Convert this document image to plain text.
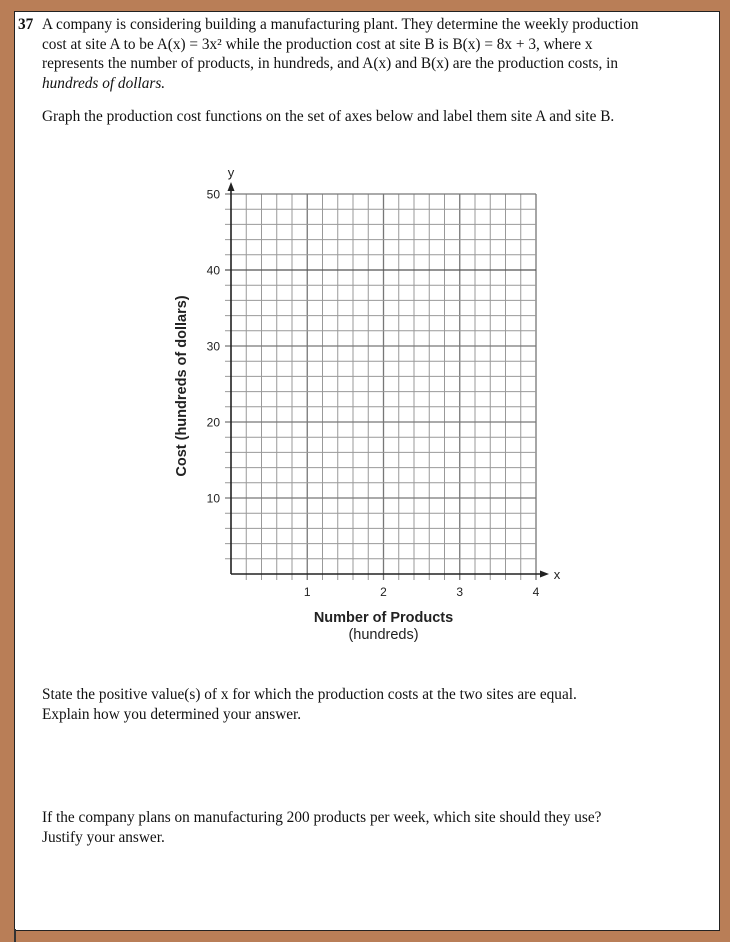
37 A company is considering building a manufacturing plant. They determine the weekly production
cost at site A to be A(x) = 3x² while the production cost at site B is B(x) = 8x + 3, where x
represents the number of products, in hundreds, and A(x) and B(x) are the production costs, in
hundreds of dollars.
Graph the production cost functions on the set of axes below and label them site A and site B.
x
y
1	2	3	4
10
20
30
40
50
Number of Products
(hundreds)
Cost (hundreds of dollars)
State the positive value(s) of x for which the production costs at the two sites are equal.
Explain how you determined your answer.
If the company plans on manufacturing 200 products per week, which site should they use?
Justify your answer.
